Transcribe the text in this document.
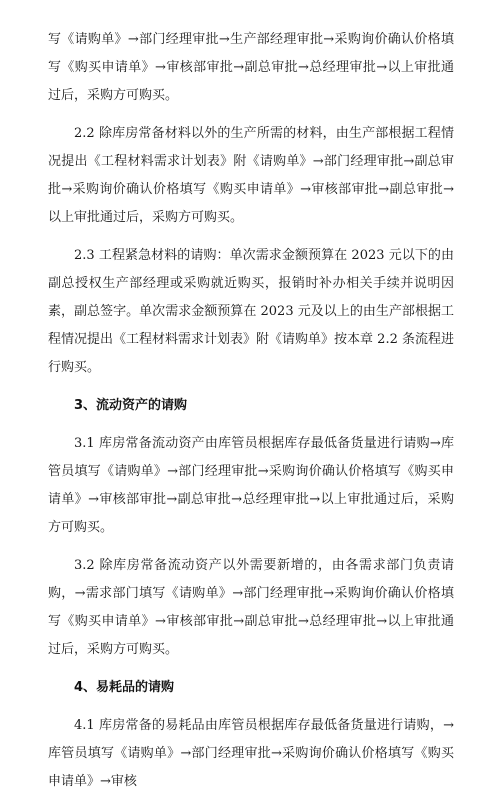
写《请购单》→部门经理审批→生产部经理审批→采购询价确认价格填写《购买申请单》→审核部审批→副总审批→总经理审批→以上审批通过后，采购方可购买。

2.2 除库房常备材料以外的生产所需的材料，由生产部根据工程情况提出《工程材料需求计划表》附《请购单》→部门经理审批→副总审批→采购询价确认价格填写《购买申请单》→审核部审批→副总审批→以上审批通过后，采购方可购买。

2.3 工程紧急材料的请购：单次需求金额预算在 2023 元以下的由副总授权生产部经理或采购就近购买，报销时补办相关手续并说明因素，副总签字。单次需求金额预算在 2023 元及以上的由生产部根据工程情况提出《工程材料需求计划表》附《请购单》按本章 2.2 条流程进行购买。

3、流动资产的请购

3.1 库房常备流动资产由库管员根据库存最低备货量进行请购→库管员填写《请购单》→部门经理审批→采购询价确认价格填写《购买申请单》→审核部审批→副总审批→总经理审批→以上审批通过后，采购方可购买。

3.2 除库房常备流动资产以外需要新增的，由各需求部门负责请购，→需求部门填写《请购单》→部门经理审批→采购询价确认价格填写《购买申请单》→审核部审批→副总审批→总经理审批→以上审批通过后，采购方可购买。

4、易耗品的请购

4.1 库房常备的易耗品由库管员根据库存最低备货量进行请购，→库管员填写《请购单》→部门经理审批→采购询价确认价格填写《购买申请单》→审核
